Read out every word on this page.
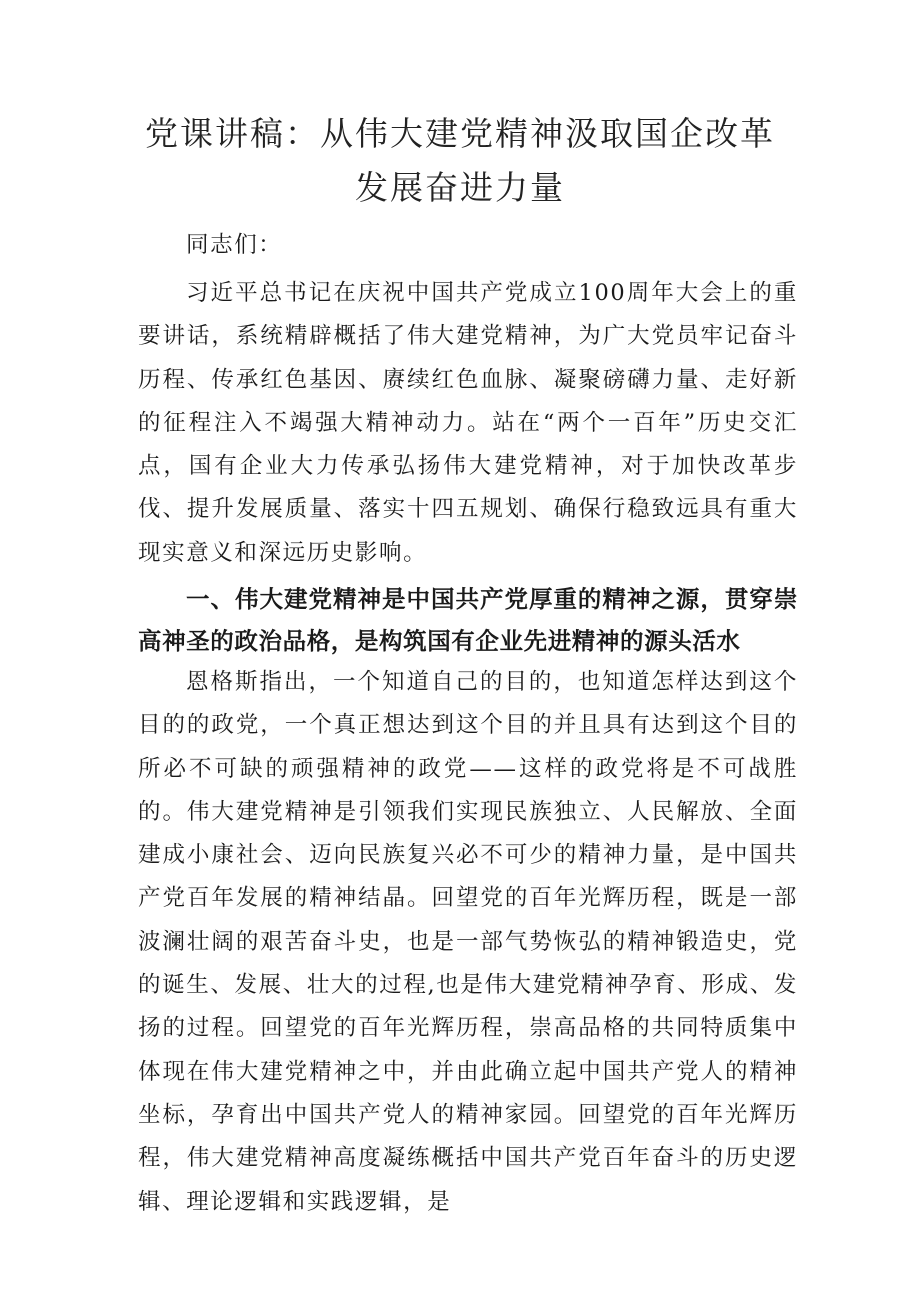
党课讲稿：从伟大建党精神汲取国企改革
发展奋进力量

同志们：

习近平总书记在庆祝中国共产党成立100周年大会上的重要讲话，系统精辟概括了伟大建党精神，为广大党员牢记奋斗历程、传承红色基因、赓续红色血脉、凝聚磅礴力量、走好新的征程注入不竭强大精神动力。站在“两个一百年”历史交汇点，国有企业大力传承弘扬伟大建党精神，对于加快改革步伐、提升发展质量、落实十四五规划、确保行稳致远具有重大现实意义和深远历史影响。

一、伟大建党精神是中国共产党厚重的精神之源，贯穿崇高神圣的政治品格，是构筑国有企业先进精神的源头活水

恩格斯指出，一个知道自己的目的，也知道怎样达到这个目的的政党，一个真正想达到这个目的并且具有达到这个目的所必不可缺的顽强精神的政党——这样的政党将是不可战胜的。伟大建党精神是引领我们实现民族独立、人民解放、全面建成小康社会、迈向民族复兴必不可少的精神力量，是中国共产党百年发展的精神结晶。回望党的百年光辉历程，既是一部波澜壮阔的艰苦奋斗史，也是一部气势恢弘的精神锻造史，党的诞生、发展、壮大的过程,也是伟大建党精神孕育、形成、发扬的过程。回望党的百年光辉历程，崇高品格的共同特质集中体现在伟大建党精神之中，并由此确立起中国共产党人的精神坐标，孕育出中国共产党人的精神家园。回望党的百年光辉历程，伟大建党精神高度凝练概括中国共产党百年奋斗的历史逻辑、理论逻辑和实践逻辑，是
